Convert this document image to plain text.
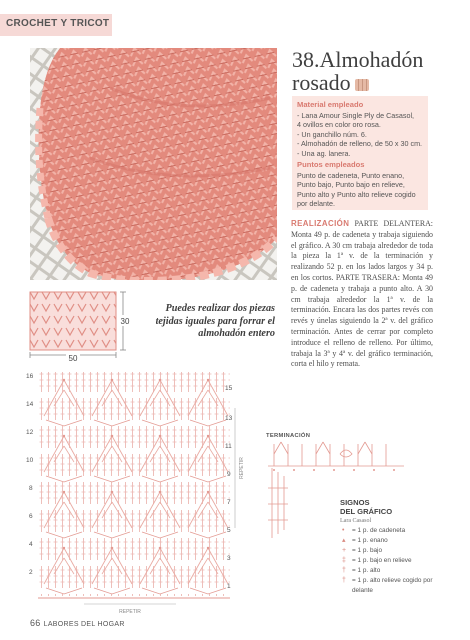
CROCHET Y TRICOT
38.Almohadón
rosado
Material empleado
- Lana Amour Single Ply de Casasol,
4 ovillos en color oro rosa.
- Un ganchillo núm. 6.
- Almohadón de relleno, de 50 x 30 cm.
- Una ag. lanera.
Puntos empleados

Punto de cadeneta, Punto enano, Punto bajo, Punto bajo en relieve, Punto alto y Punto alto relieve cogido por delante.

REALIZACIÓN PARTE DELANTERA: Monta 49 p. de cadeneta y trabaja siguiendo el gráfico. A 30 cm trabaja alrededor de toda la pieza la 1ª v. de la terminación y realizando 52 p. en los lados largos y 34 p. en los cortos. PARTE TRASERA: Monta 49 p. de cadeneta y trabaja a punto alto. A 30 cm trabaja alrededor la 1ª v. de la terminación. Encara las dos partes revés con revés y únelas siguiendo la 2ª v. del gráfico terminación. Antes de cerrar por completo introduce el relleno de relleno. Por último, trabaja la 3ª y 4ª v. del gráfico terminación, corta el hilo y remata.
30
50
Puedes realizar dos piezas tejidas iguales para forrar el almohadón entero
16
14
12
10
8
6
4
2
15
13
11
9
7
5
3
1
REPETIR
REPETIR
TERMINACIÓN
SIGNOS
DEL GRÁFICO
Lara Casasol
• = 1 p. de cadeneta
▴ = 1 p. enano
+ = 1 p. bajo
‡ = 1 p. bajo en relieve
† = 1 p. alto
† = 1 p. alto relieve cogido por delante
66 LABORES DEL HOGAR
